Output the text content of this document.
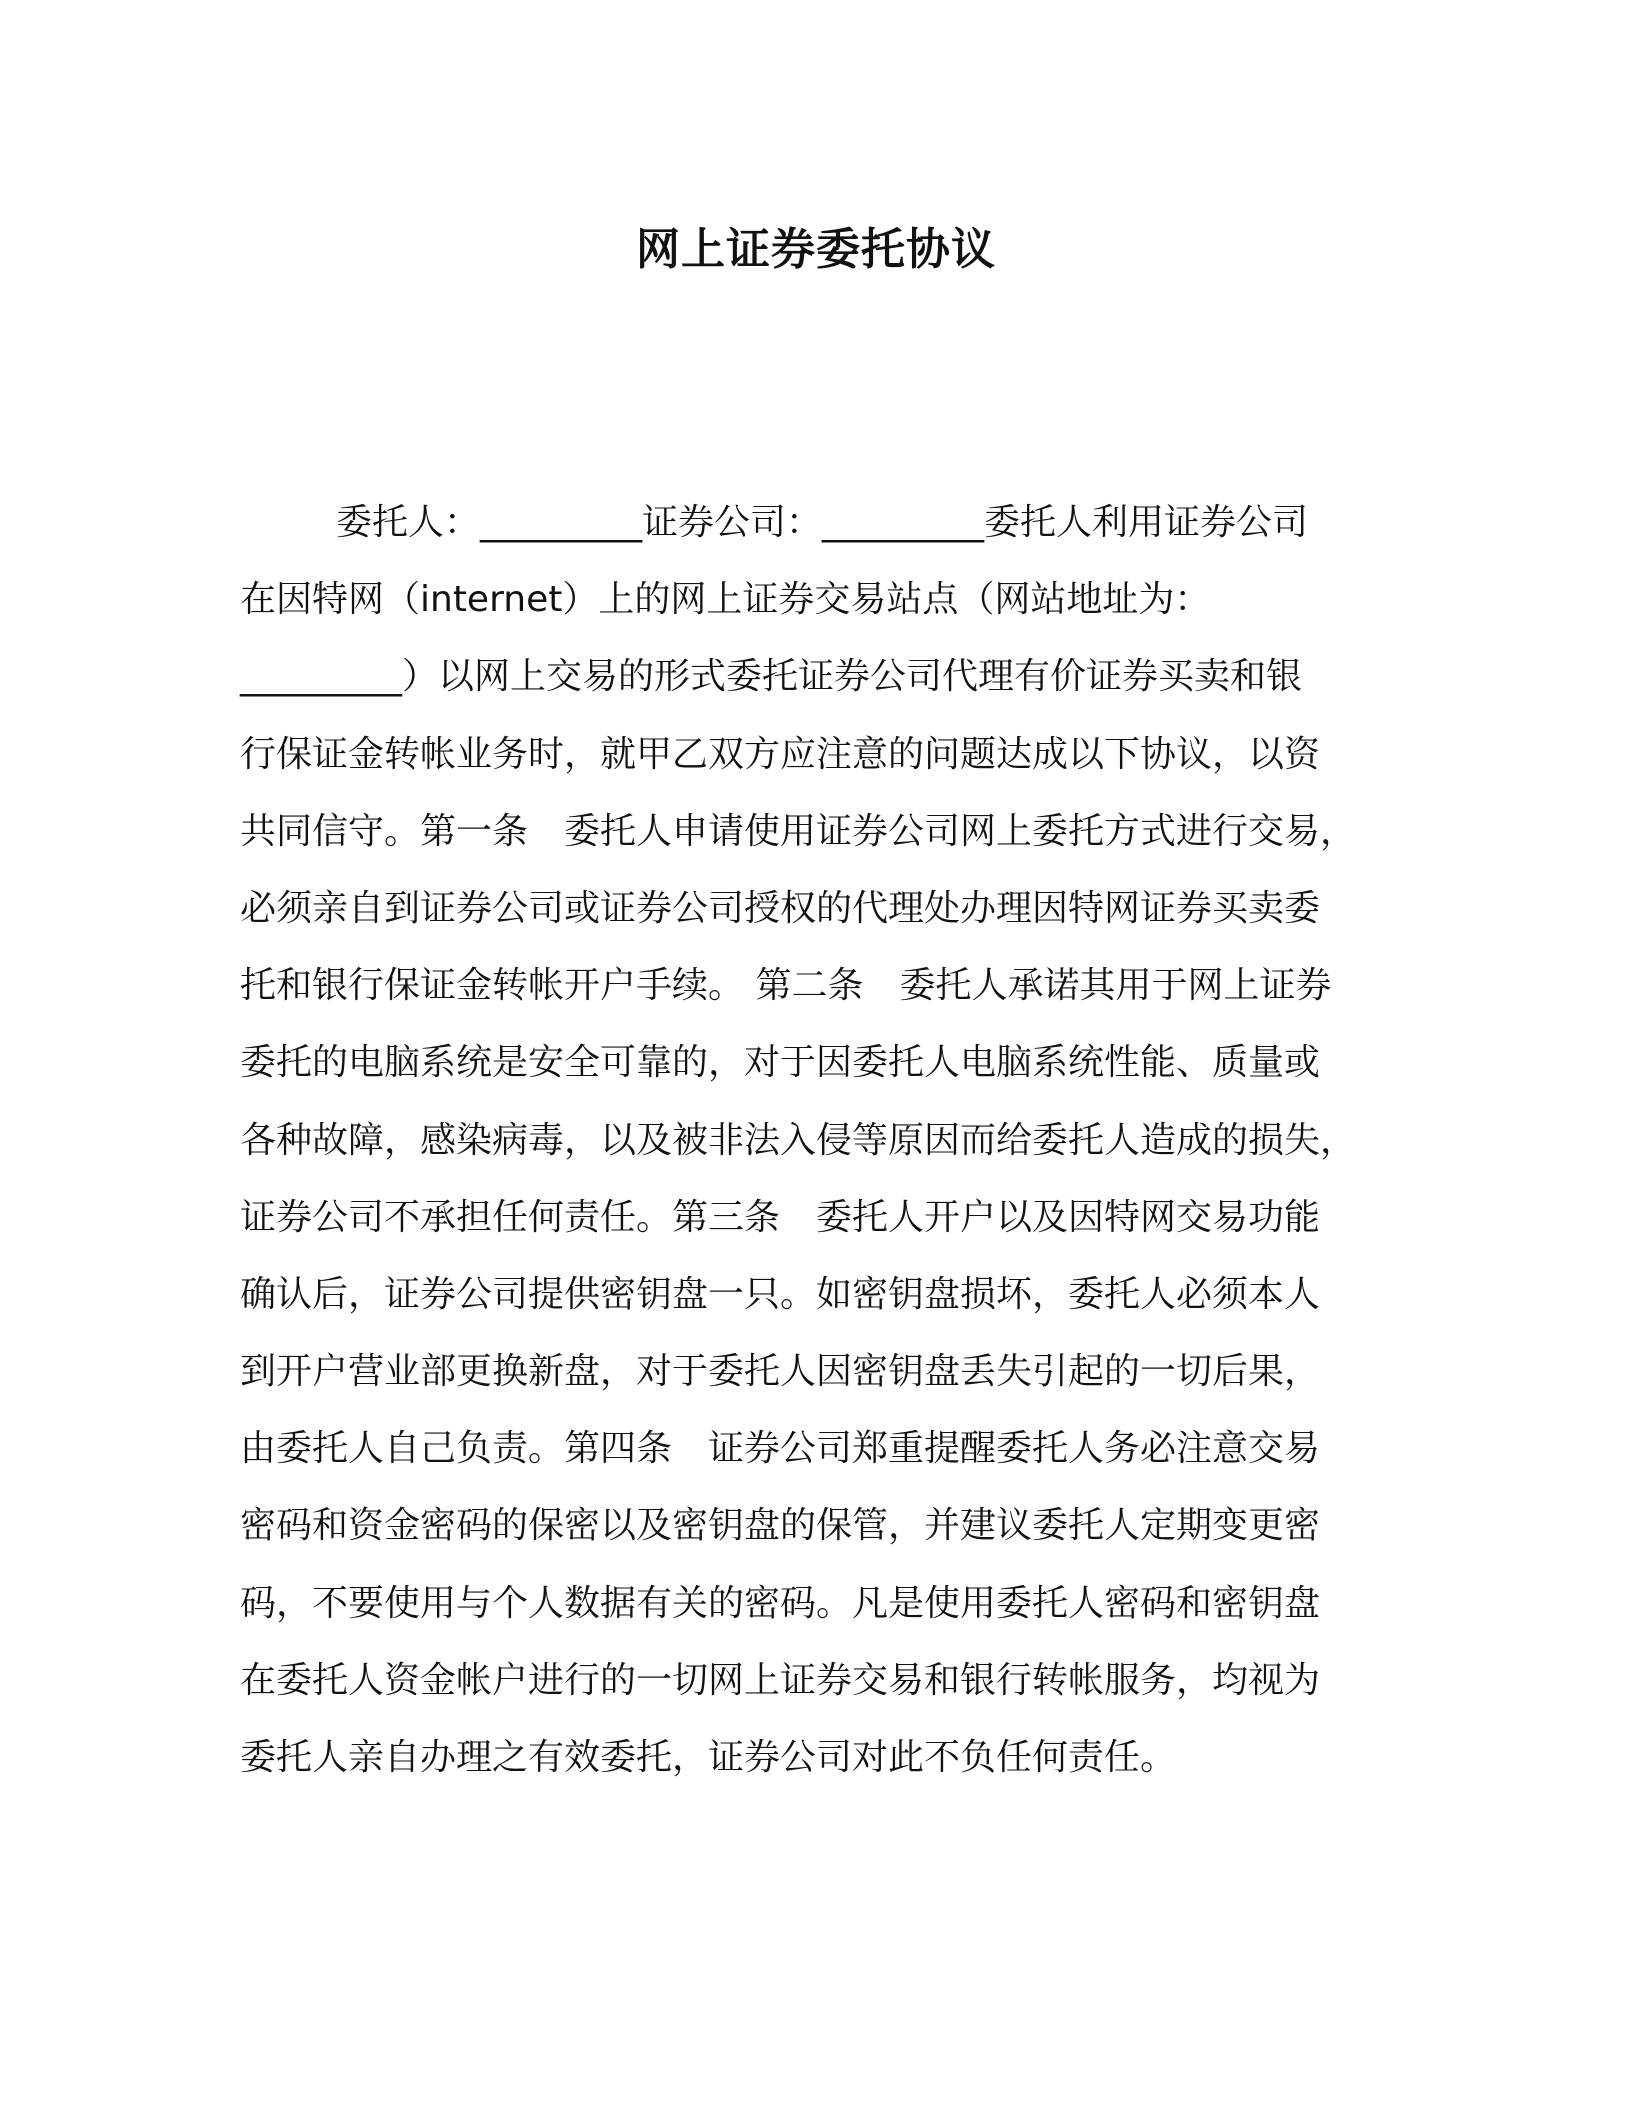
网上证券委托协议
委托人：_________证券公司：_________委托人利用证券公司
在因特网（internet）上的网上证券交易站点（网站地址为：
_________）以网上交易的形式委托证券公司代理有价证券买卖和银
行保证金转帐业务时，就甲乙双方应注意的问题达成以下协议，以资
共同信守。第一条　委托人申请使用证券公司网上委托方式进行交易，
必须亲自到证券公司或证券公司授权的代理处办理因特网证券买卖委
托和银行保证金转帐开户手续。 第二条　委托人承诺其用于网上证券
委托的电脑系统是安全可靠的，对于因委托人电脑系统性能、质量或
各种故障，感染病毒，以及被非法入侵等原因而给委托人造成的损失，
证券公司不承担任何责任。第三条　委托人开户以及因特网交易功能
确认后，证券公司提供密钥盘一只。如密钥盘损坏，委托人必须本人
到开户营业部更换新盘，对于委托人因密钥盘丢失引起的一切后果，
由委托人自己负责。第四条　证券公司郑重提醒委托人务必注意交易
密码和资金密码的保密以及密钥盘的保管，并建议委托人定期变更密
码，不要使用与个人数据有关的密码。凡是使用委托人密码和密钥盘
在委托人资金帐户进行的一切网上证券交易和银行转帐服务，均视为
委托人亲自办理之有效委托，证券公司对此不负任何责任。
